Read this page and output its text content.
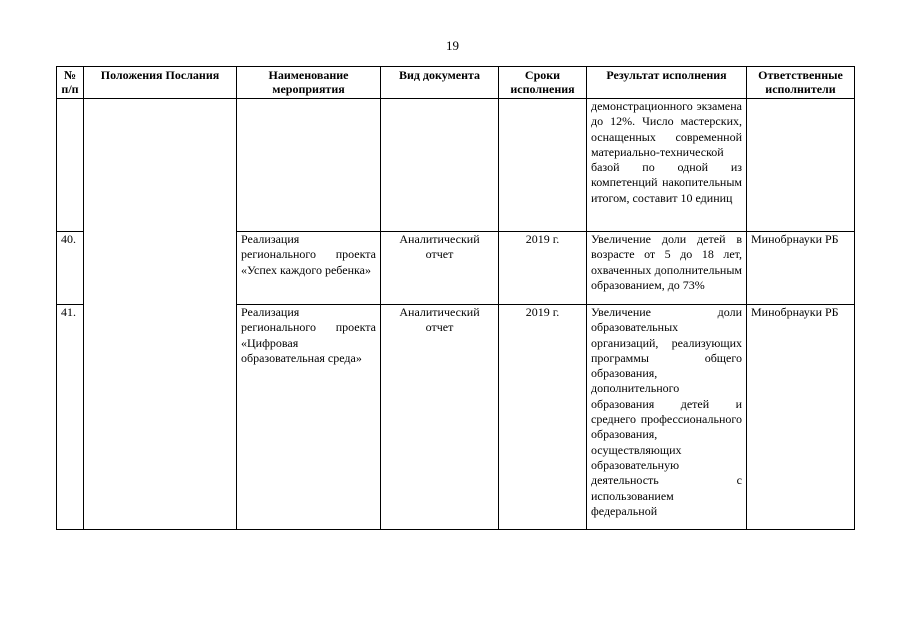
19
№ п/п	Положения Послания	Наименование мероприятия	Вид документа	Сроки исполнения	Результат исполнения	Ответственные исполнители
					демонстрационного экзамена до 12%. Число мастерских, оснащенных современной материально-технической базой по одной из компетенций накопительным итогом, составит 10 единиц	
40.		Реализация регионального проекта «Успех каждого ребенка»	Аналитический отчет	2019 г.	Увеличение доли детей в возрасте от 5 до 18 лет, охваченных дополнительным образованием, до 73%	Минобрнауки РБ
41.		Реализация регионального проекта «Цифровая образовательная среда»	Аналитический отчет	2019 г.	Увеличение доли образовательных организаций, реализующих программы общего образования, дополнительного образования детей и среднего профессионального образования, осуществляющих образовательную деятельность с использованием федеральной	Минобрнауки РБ
